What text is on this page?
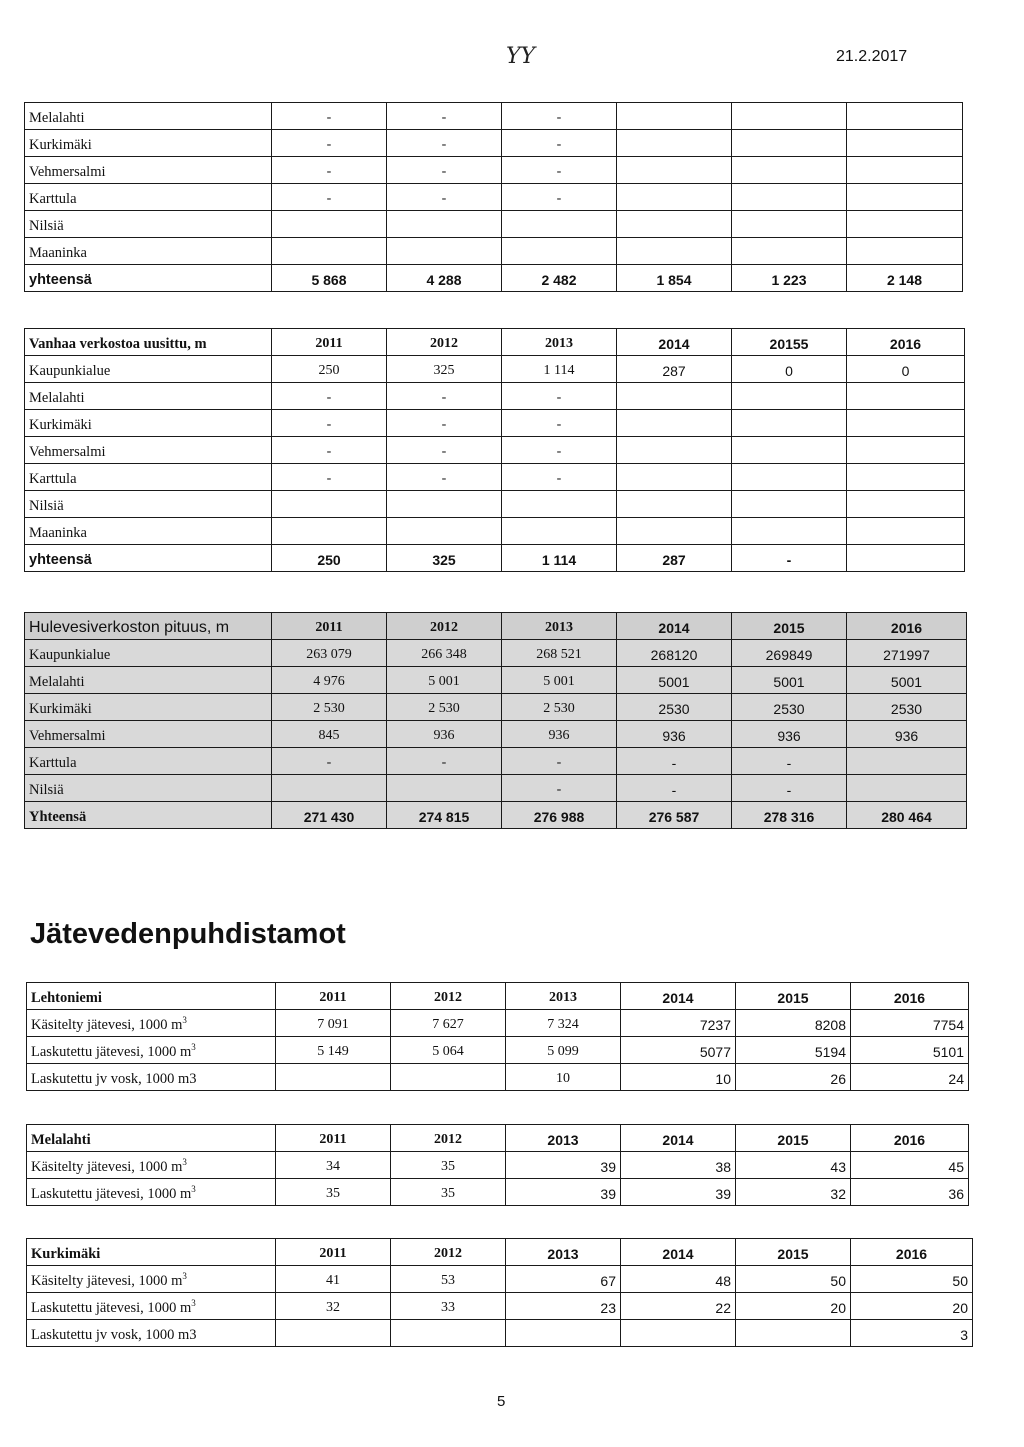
YY	21.2.2017
Melalahti	-	-	-			
Kurkimäki	-	-	-			
Vehmersalmi	-	-	-			
Karttula	-	-	-			
Nilsiä						
Maaninka						
yhteensä	5 868	4 288	2 482	1 854	1 223	2 148
Vanhaa verkostoa uusittu, m	2011	2012	2013	2014	20155	2016
Kaupunkialue	250	325	1 114	287	0	0
Melalahti	-	-	-			
Kurkimäki	-	-	-			
Vehmersalmi	-	-	-			
Karttula	-	-	-			
Nilsiä						
Maaninka						
yhteensä	250	325	1 114	287	-	
Hulevesiverkoston pituus, m	2011	2012	2013	2014	2015	2016
Kaupunkialue	263 079	266 348	268 521	268120	269849	271997
Melalahti	4 976	5 001	5 001	5001	5001	5001
Kurkimäki	2 530	2 530	2 530	2530	2530	2530
Vehmersalmi	845	936	936	936	936	936
Karttula	-	-	-	-	-	
Nilsiä			-	-	-	
Yhteensä	271 430	274 815	276 988	276 587	278 316	280 464
Jätevedenpuhdistamot
Lehtoniemi	2011	2012	2013	2014	2015	2016
Käsitelty jätevesi, 1000 $m^3$	7 091	7 627	7 324	7237	8208	7754
Laskutettu jätevesi, 1000 $m^3$	5 149	5 064	5 099	5077	5194	5101
Laskutettu jv vosk, 1000 m3			10	10	26	24
Melalahti	2011	2012	2013	2014	2015	2016
Käsitelty jätevesi, 1000 $m^3$	34	35	39	38	43	45
Laskutettu jätevesi, 1000 $m^3$	35	35	39	39	32	36
Kurkimäki	2011	2012	2013	2014	2015	2016
Käsitelty jätevesi, 1000 $m^3$	41	53	67	48	50	50
Laskutettu jätevesi, 1000 $m^3$	32	33	23	22	20	20
Laskutettu jv vosk, 1000 m3						3
5
